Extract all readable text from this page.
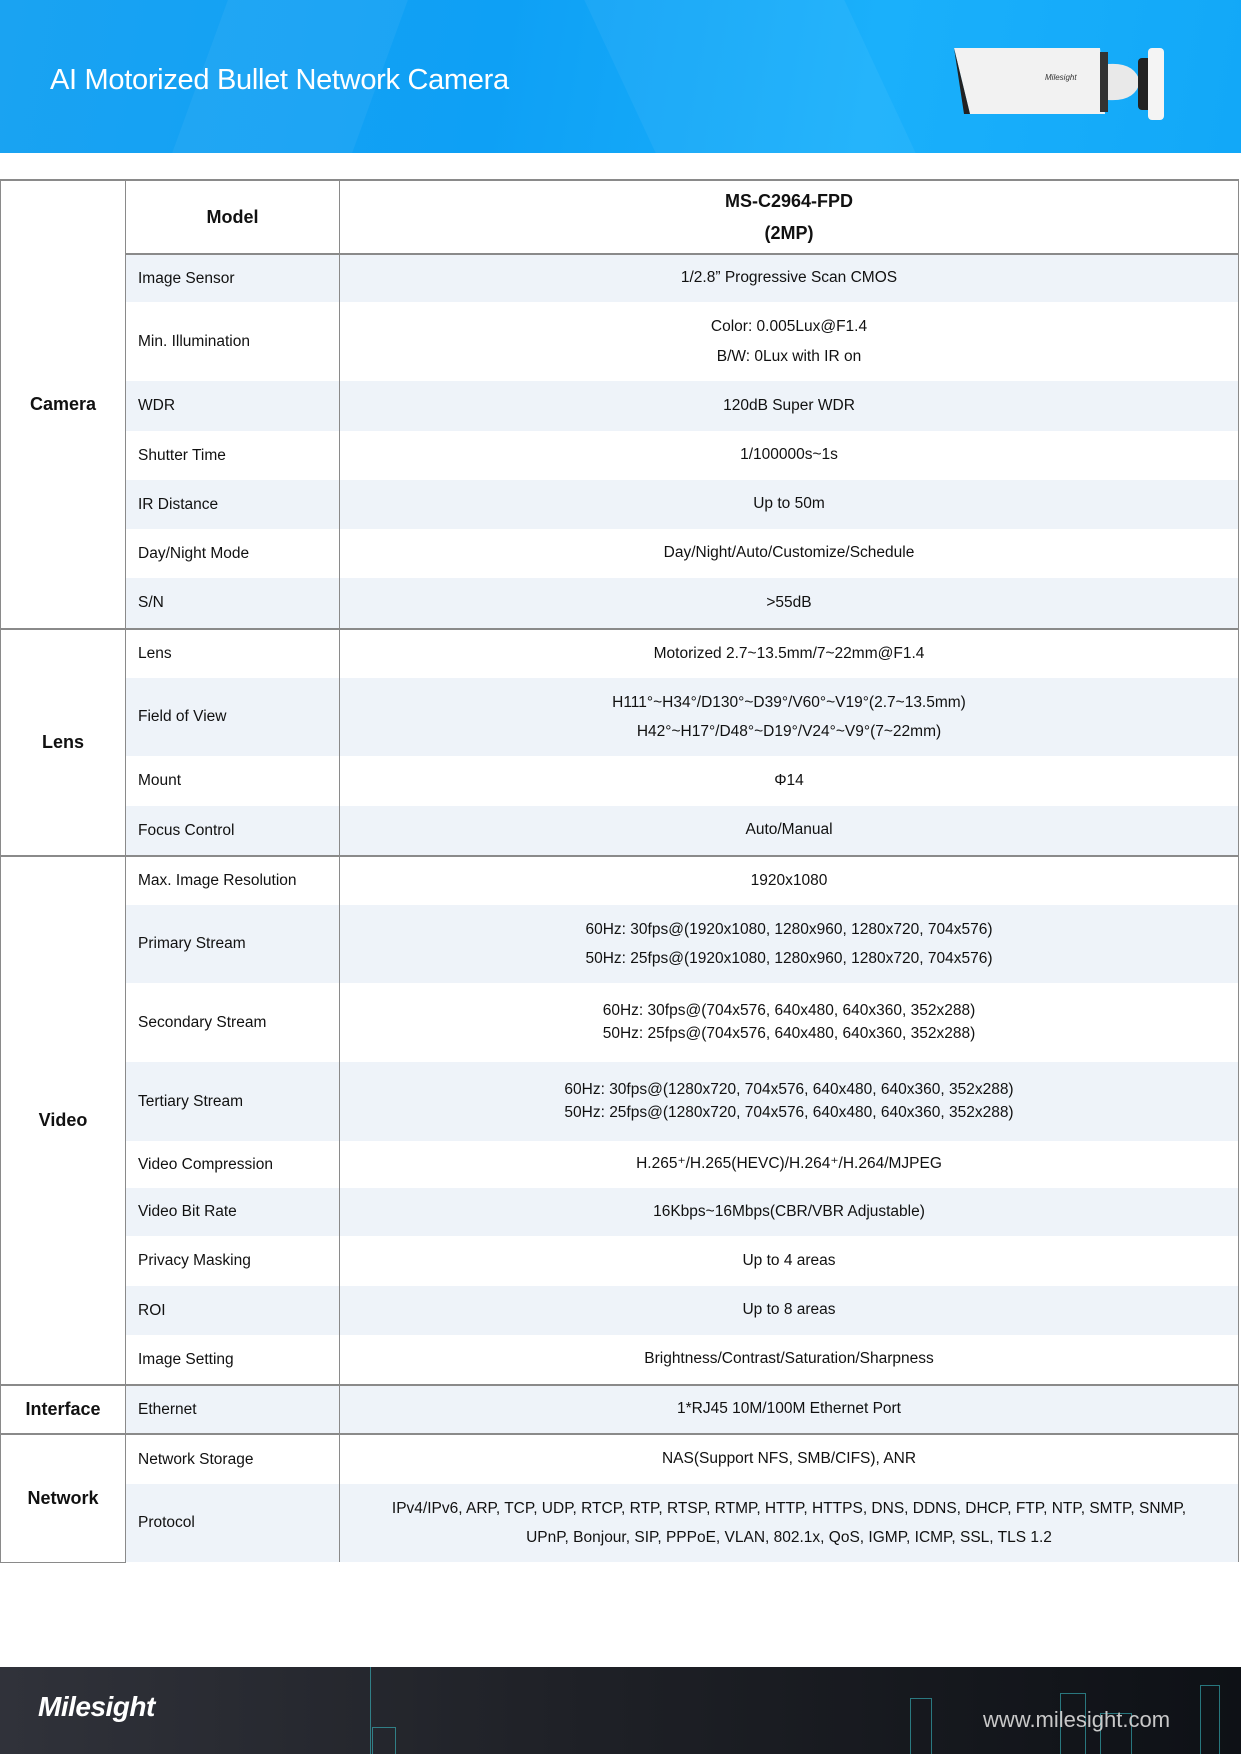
AI Motorized Bullet Network Camera	Milesight
Camera	Model	MS-C2964-FPD
(2MP)

	Image Sensor	1/2.8” Progressive Scan CMOS

	Min. Illumination	Color: 0.005Lux@F1.4
B/W: 0Lux with IR on

	WDR	120dB Super WDR

	Shutter Time	1/100000s~1s

	IR Distance	Up to 50m

	Day/Night Mode	Day/Night/Auto/Customize/Schedule

	S/N	>55dB

Lens	Lens	Motorized 2.7~13.5mm/7~22mm@F1.4

	Field of View	H111°~H34°/D130°~D39°/V60°~V19°(2.7~13.5mm)
H42°~H17°/D48°~D19°/V24°~V9°(7~22mm)

	Mount	Φ14

	Focus Control	Auto/Manual

Video	Max. Image Resolution	1920x1080

	Primary Stream	60Hz: 30fps@(1920x1080, 1280x960, 1280x720, 704x576)
50Hz: 25fps@(1920x1080, 1280x960, 1280x720, 704x576)

	Secondary Stream	60Hz: 30fps@(704x576, 640x480, 640x360, 352x288)
50Hz: 25fps@(704x576, 640x480, 640x360, 352x288)

	Tertiary Stream	60Hz: 30fps@(1280x720, 704x576, 640x480, 640x360, 352x288)
50Hz: 25fps@(1280x720, 704x576, 640x480, 640x360, 352x288)

	Video Compression	H.265⁺/H.265(HEVC)/H.264⁺/H.264/MJPEG

	Video Bit Rate	16Kbps~16Mbps(CBR/VBR Adjustable)

	Privacy Masking	Up to 4 areas

	ROI	Up to 8 areas

	Image Setting	Brightness/Contrast/Saturation/Sharpness

Interface	Ethernet	1*RJ45 10M/100M Ethernet Port

Network	Network Storage	NAS(Support NFS, SMB/CIFS), ANR

	Protocol	IPv4/IPv6, ARP, TCP, UDP, RTCP, RTP, RTSP, RTMP, HTTP, HTTPS, DNS, DDNS, DHCP, FTP, NTP, SMTP, SNMP,
UPnP, Bonjour, SIP, PPPoE, VLAN, 802.1x, QoS, IGMP, ICMP, SSL, TLS 1.2
Milesight	www.milesight.com
